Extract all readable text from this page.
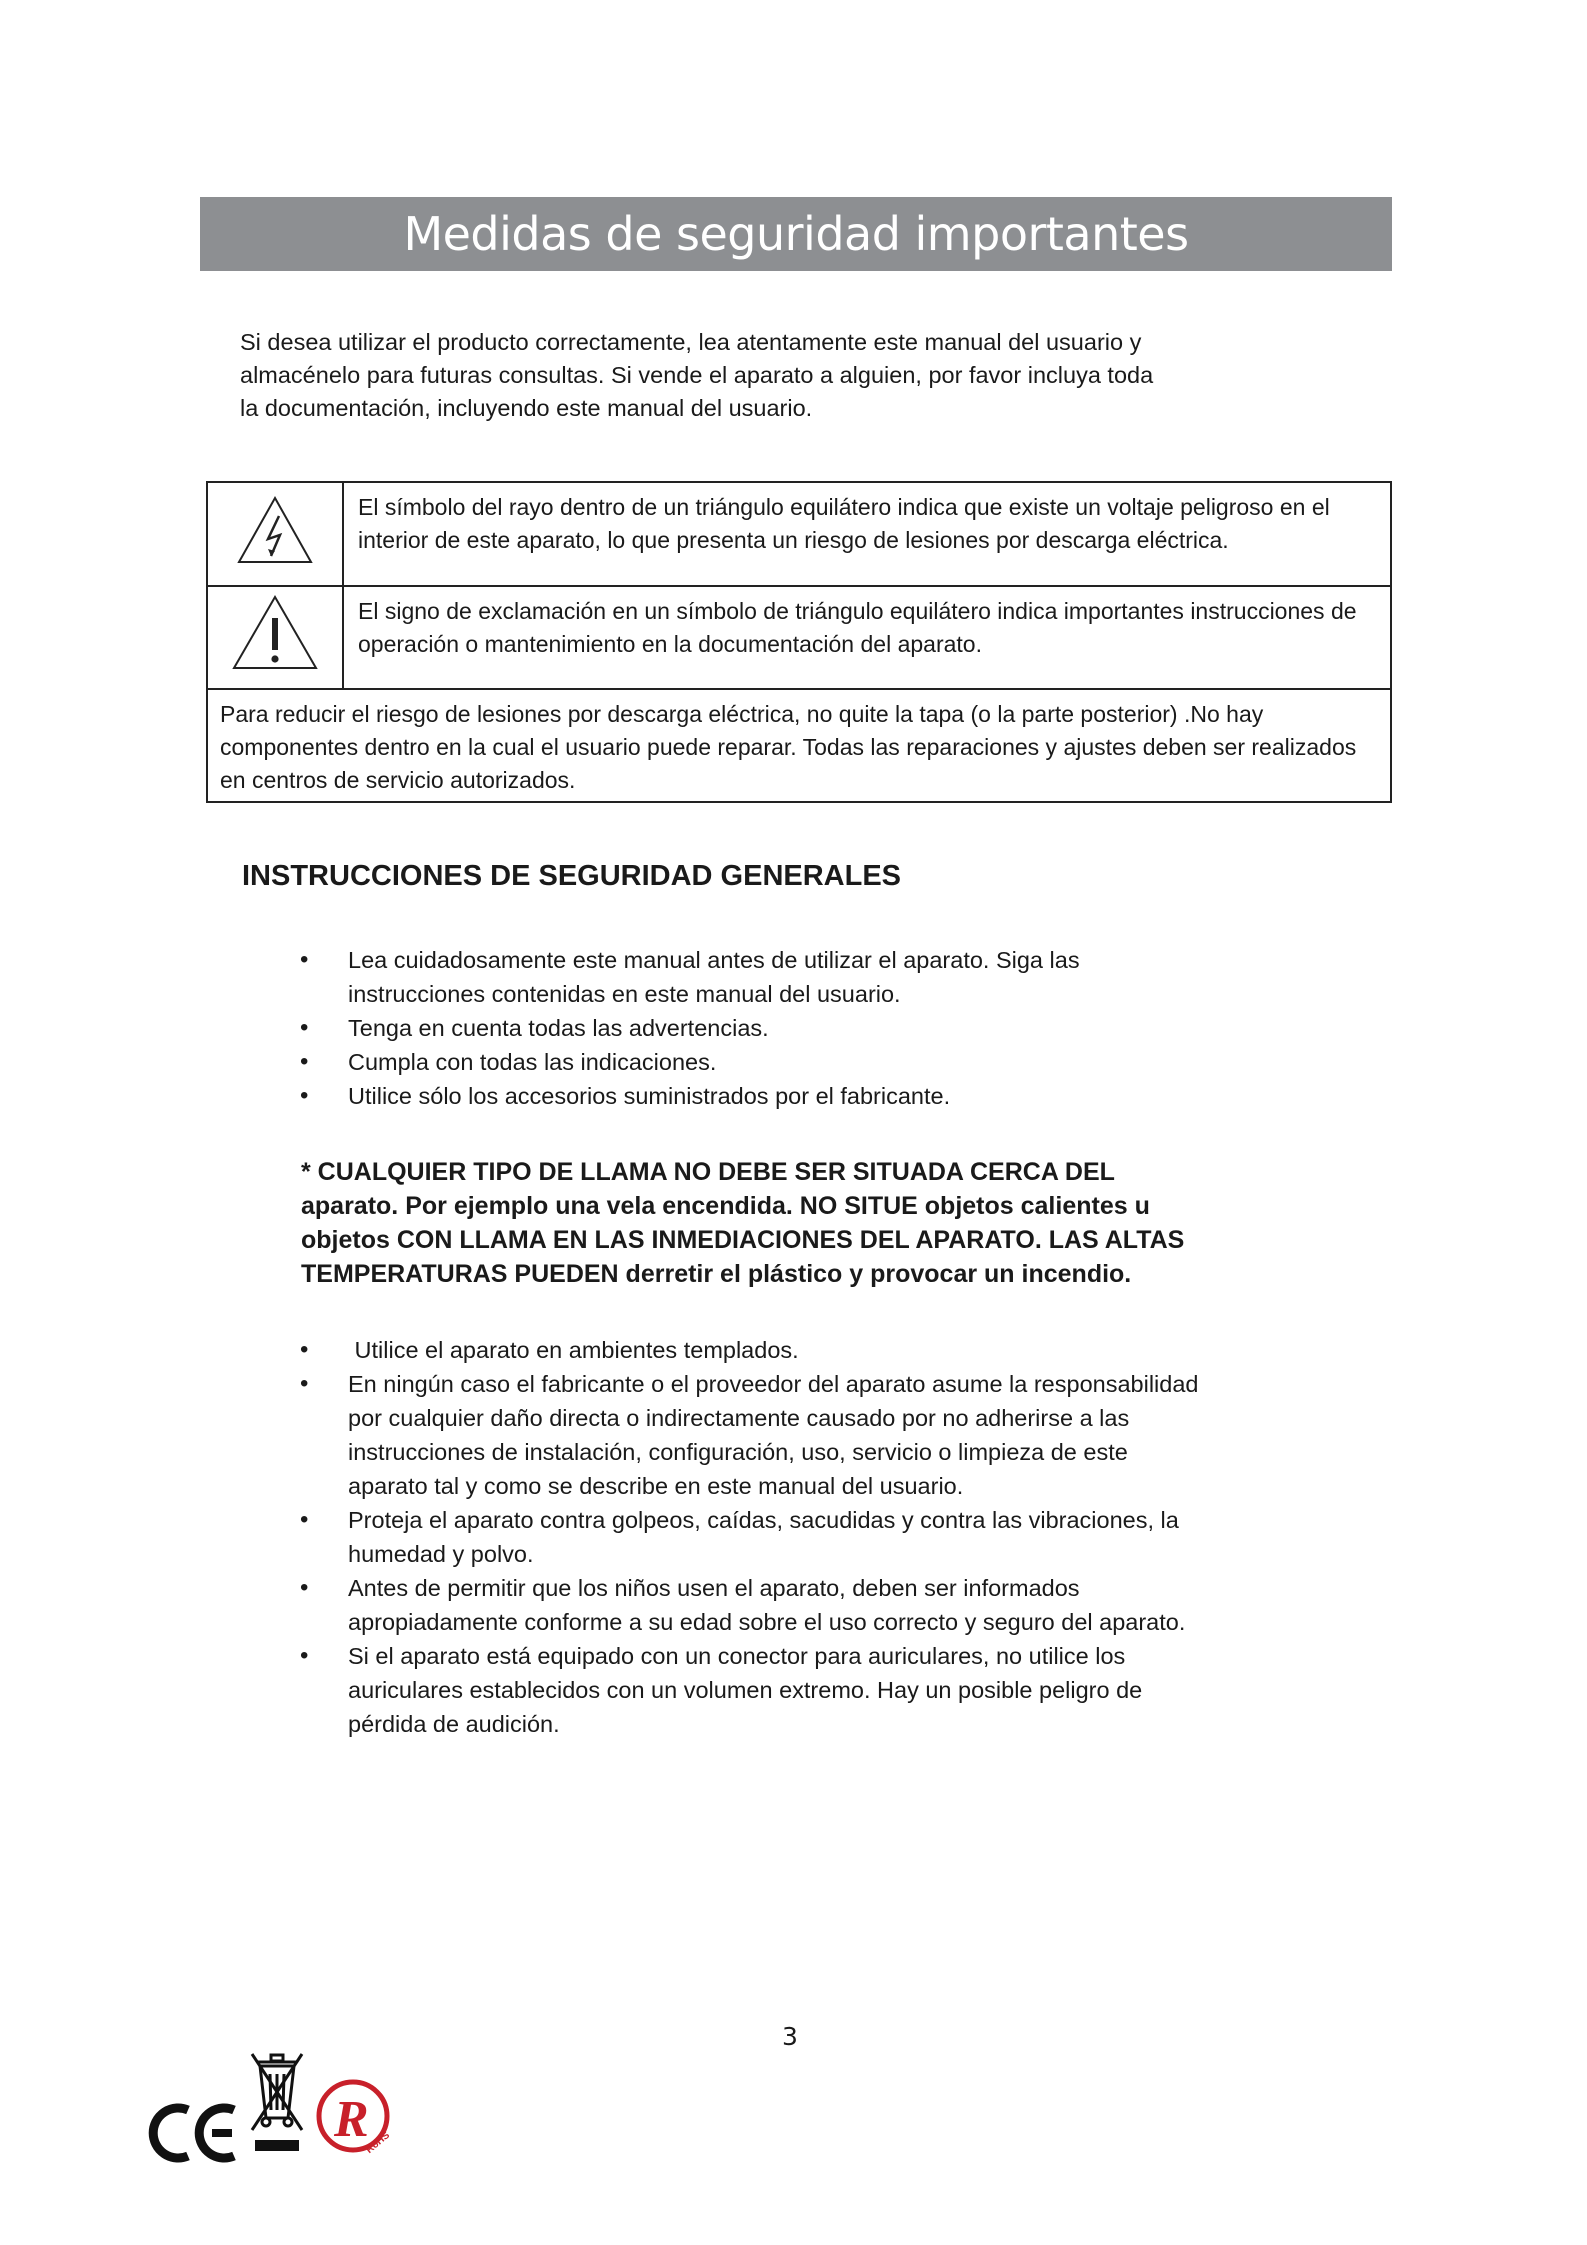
Medidas de seguridad importantes

Si desea utilizar el producto correctamente, lea atentamente este manual del usuario y almacénelo para futuras consultas. Si vende el aparato a alguien, por favor incluya toda la documentación, incluyendo este manual del usuario.

	El símbolo del rayo dentro de un triángulo equilátero indica que existe un voltaje peligroso en el interior de este aparato, lo que presenta un riesgo de lesiones por descarga eléctrica.
	El signo de exclamación en un símbolo de triángulo equilátero indica importantes instrucciones de operación o mantenimiento en la documentación del aparato.
Para reducir el riesgo de lesiones por descarga eléctrica, no quite la tapa (o la parte posterior) .No hay componentes dentro en la cual el usuario puede reparar. Todas las reparaciones y ajustes deben ser realizados en centros de servicio autorizados.	
INSTRUCCIONES DE SEGURIDAD GENERALES
• Lea cuidadosamente este manual antes de utilizar el aparato. Siga las instrucciones contenidas en este manual del usuario.
• Tenga en cuenta todas las advertencias.
• Cumpla con todas las indicaciones.
• Utilice sólo los accesorios suministrados por el fabricante.

* CUALQUIER TIPO DE LLAMA NO DEBE SER SITUADA CERCA DEL aparato. Por ejemplo una vela encendida. NO SITUE objetos calientes u objetos CON LLAMA EN LAS INMEDIACIONES DEL APARATO. LAS ALTAS TEMPERATURAS PUEDEN derretir el plástico y provocar un incendio.

•  Utilice el aparato en ambientes templados.
• En ningún caso el fabricante o el proveedor del aparato asume la responsabilidad por cualquier daño directa o indirectamente causado por no adherirse a las instrucciones de instalación, configuración, uso, servicio o limpieza de este aparato tal y como se describe en este manual del usuario.
• Proteja el aparato contra golpeos, caídas, sacudidas y contra las vibraciones, la humedad y polvo.
• Antes de permitir que los niños usen el aparato, deben ser informados apropiadamente conforme a su edad sobre el uso correcto y seguro del aparato.
• Si el aparato está equipado con un conector para auriculares, no utilice los auriculares establecidos con un volumen extremo. Hay un posible peligro de pérdida de audición.
3
R
RoHS
